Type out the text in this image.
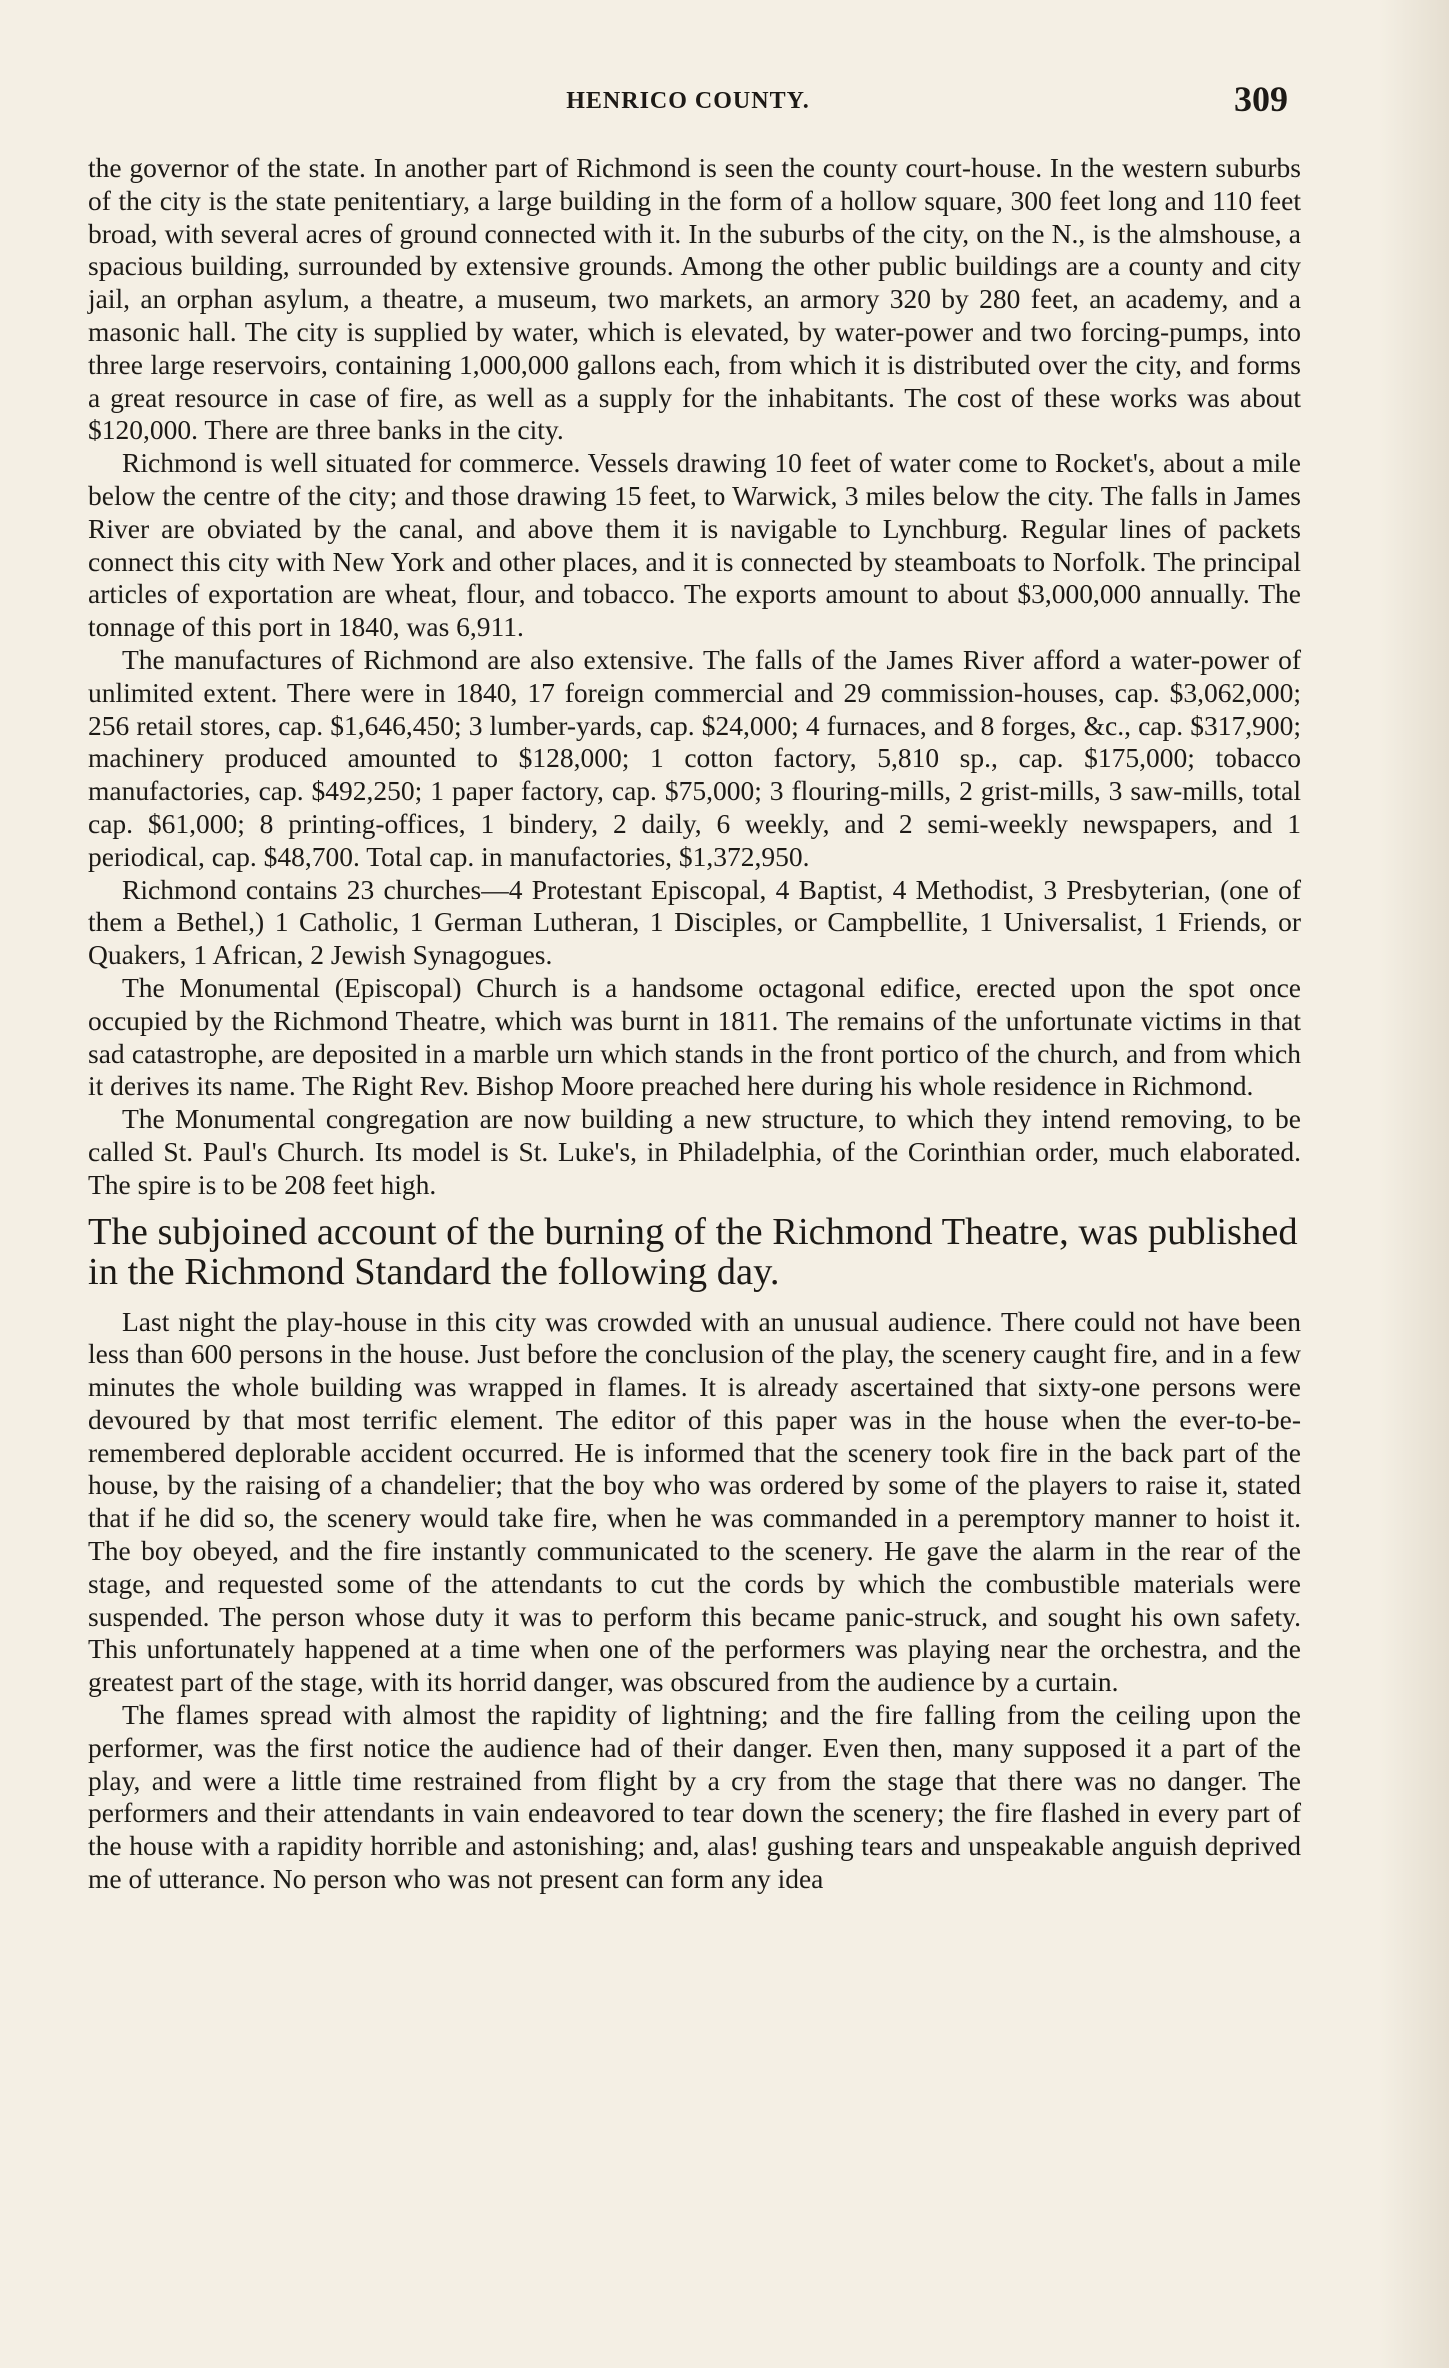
HENRICO COUNTY.	309

the governor of the state. In another part of Richmond is seen the county court-house. In the western suburbs of the city is the state penitentiary, a large building in the form of a hollow square, 300 feet long and 110 feet broad, with several acres of ground connected with it. In the suburbs of the city, on the N., is the almshouse, a spacious building, surrounded by extensive grounds. Among the other public buildings are a county and city jail, an orphan asylum, a theatre, a museum, two markets, an armory 320 by 280 feet, an academy, and a masonic hall. The city is supplied by water, which is elevated, by water-power and two forcing-pumps, into three large reservoirs, containing 1,000,000 gallons each, from which it is distributed over the city, and forms a great resource in case of fire, as well as a supply for the inhabitants. The cost of these works was about $120,000. There are three banks in the city.

Richmond is well situated for commerce. Vessels drawing 10 feet of water come to Rocket's, about a mile below the centre of the city; and those drawing 15 feet, to Warwick, 3 miles below the city. The falls in James River are obviated by the canal, and above them it is navigable to Lynchburg. Regular lines of packets connect this city with New York and other places, and it is connected by steamboats to Norfolk. The principal articles of exportation are wheat, flour, and tobacco. The exports amount to about $3,000,000 annually. The tonnage of this port in 1840, was 6,911.

The manufactures of Richmond are also extensive. The falls of the James River afford a water-power of unlimited extent. There were in 1840, 17 foreign commercial and 29 commission-houses, cap. $3,062,000; 256 retail stores, cap. $1,646,450; 3 lumber-yards, cap. $24,000; 4 furnaces, and 8 forges, &c., cap. $317,900; machinery produced amounted to $128,000; 1 cotton factory, 5,810 sp., cap. $175,000; tobacco manufactories, cap. $492,250; 1 paper factory, cap. $75,000; 3 flouring-mills, 2 grist-mills, 3 saw-mills, total cap. $61,000; 8 printing-offices, 1 bindery, 2 daily, 6 weekly, and 2 semi-weekly newspapers, and 1 periodical, cap. $48,700. Total cap. in manufactories, $1,372,950.

Richmond contains 23 churches—4 Protestant Episcopal, 4 Baptist, 4 Methodist, 3 Presbyterian, (one of them a Bethel,) 1 Catholic, 1 German Lutheran, 1 Disciples, or Campbellite, 1 Universalist, 1 Friends, or Quakers, 1 African, 2 Jewish Synagogues.

The Monumental (Episcopal) Church is a handsome octagonal edifice, erected upon the spot once occupied by the Richmond Theatre, which was burnt in 1811. The remains of the unfortunate victims in that sad catastrophe, are deposited in a marble urn which stands in the front portico of the church, and from which it derives its name. The Right Rev. Bishop Moore preached here during his whole residence in Richmond.

The Monumental congregation are now building a new structure, to which they intend removing, to be called St. Paul's Church. Its model is St. Luke's, in Philadelphia, of the Corinthian order, much elaborated. The spire is to be 208 feet high.

The subjoined account of the burning of the Richmond Theatre, was published in the Richmond Standard the following day.

Last night the play-house in this city was crowded with an unusual audience. There could not have been less than 600 persons in the house. Just before the conclusion of the play, the scenery caught fire, and in a few minutes the whole building was wrapped in flames. It is already ascertained that sixty-one persons were devoured by that most terrific element. The editor of this paper was in the house when the ever-to-be-remembered deplorable accident occurred. He is informed that the scenery took fire in the back part of the house, by the raising of a chandelier; that the boy who was ordered by some of the players to raise it, stated that if he did so, the scenery would take fire, when he was commanded in a peremptory manner to hoist it. The boy obeyed, and the fire instantly communicated to the scenery. He gave the alarm in the rear of the stage, and requested some of the attendants to cut the cords by which the combustible materials were suspended. The person whose duty it was to perform this became panic-struck, and sought his own safety. This unfortunately happened at a time when one of the performers was playing near the orchestra, and the greatest part of the stage, with its horrid danger, was obscured from the audience by a curtain.

The flames spread with almost the rapidity of lightning; and the fire falling from the ceiling upon the performer, was the first notice the audience had of their danger. Even then, many supposed it a part of the play, and were a little time restrained from flight by a cry from the stage that there was no danger. The performers and their attendants in vain endeavored to tear down the scenery; the fire flashed in every part of the house with a rapidity horrible and astonishing; and, alas! gushing tears and unspeakable anguish deprived me of utterance. No person who was not present can form any idea
